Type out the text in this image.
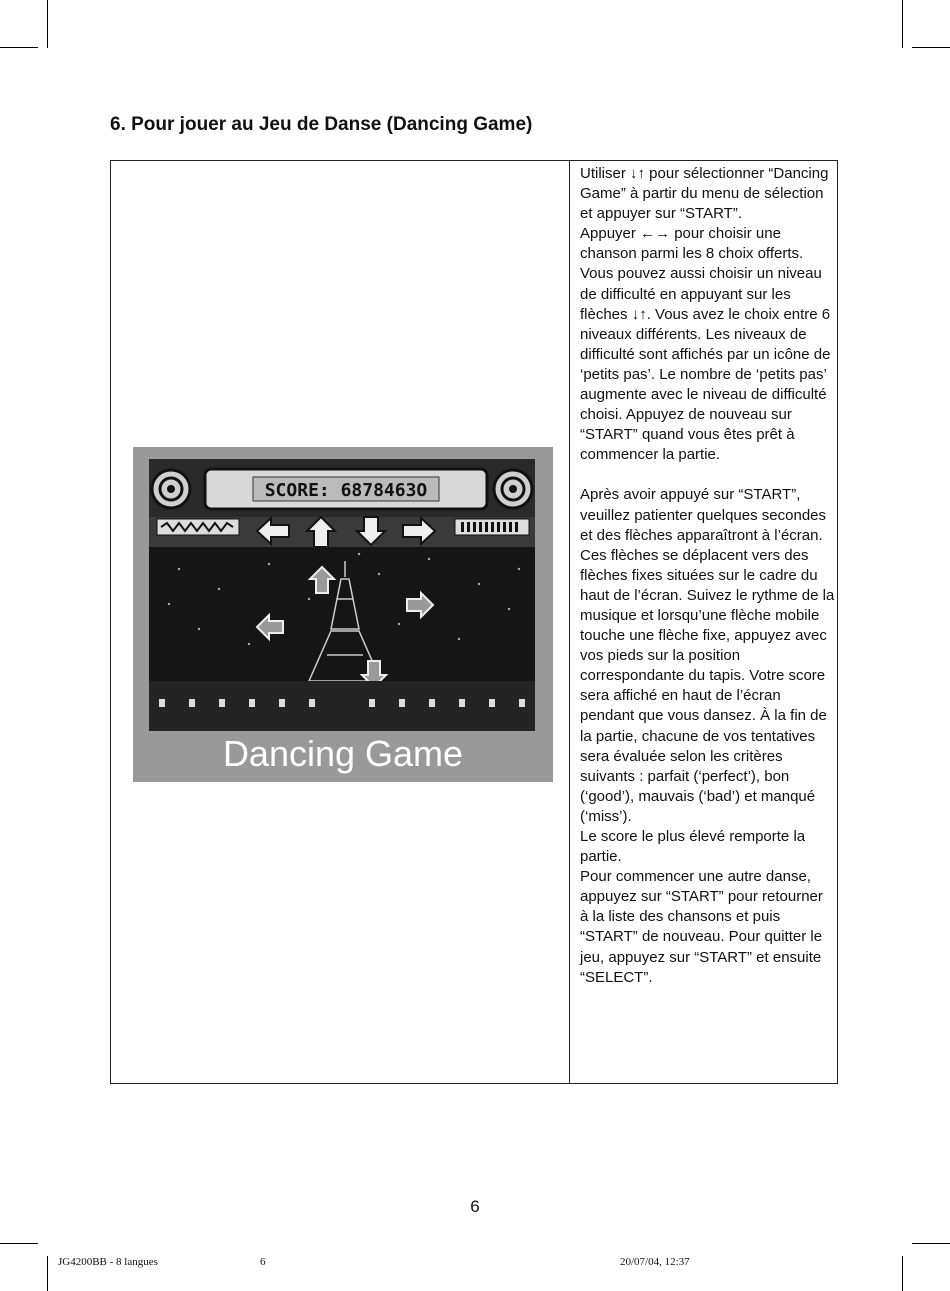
6. Pour jouer au Jeu de Danse (Dancing Game)
SCORE: 6878463O
Dancing Game

Utiliser ↓↑ pour sélectionner “Dancing Game” à partir du menu de sélection et appuyer sur “START”.

Appuyer ←→ pour choisir une chanson parmi les 8 choix offerts. Vous pouvez aussi choisir un niveau de difficulté en appuyant sur les flèches ↓↑. Vous avez le choix entre 6 niveaux différents. Les niveaux de difficulté sont affichés par un icône de ‘petits pas’. Le nombre de ‘petits pas’ augmente avec le niveau de difficulté choisi. Appuyez de nouveau sur “START” quand vous êtes prêt à commencer la partie.

Après avoir appuyé sur “START”, veuillez patienter quelques secondes et des flèches apparaîtront à l’écran. Ces flèches se déplacent vers des flèches fixes situées sur le cadre du haut de l’écran. Suivez le rythme de la musique et lorsqu’une flèche mobile touche une flèche fixe, appuyez avec vos pieds sur la position correspondante du tapis. Votre score sera affiché en haut de l’écran pendant que vous dansez. À la fin de la partie, chacune de vos tentatives sera évaluée selon les critères suivants : parfait (‘perfect’), bon (‘good’), mauvais (‘bad’) et manqué (‘miss’).

Le score le plus élevé remporte la partie.

Pour commencer une autre danse, appuyez sur “START” pour retourner à la liste des chansons et puis “START” de nouveau. Pour quitter le jeu, appuyez sur “START” et ensuite “SELECT”.

6
JG4200BB - 8 langues	6	20/07/04, 12:37
